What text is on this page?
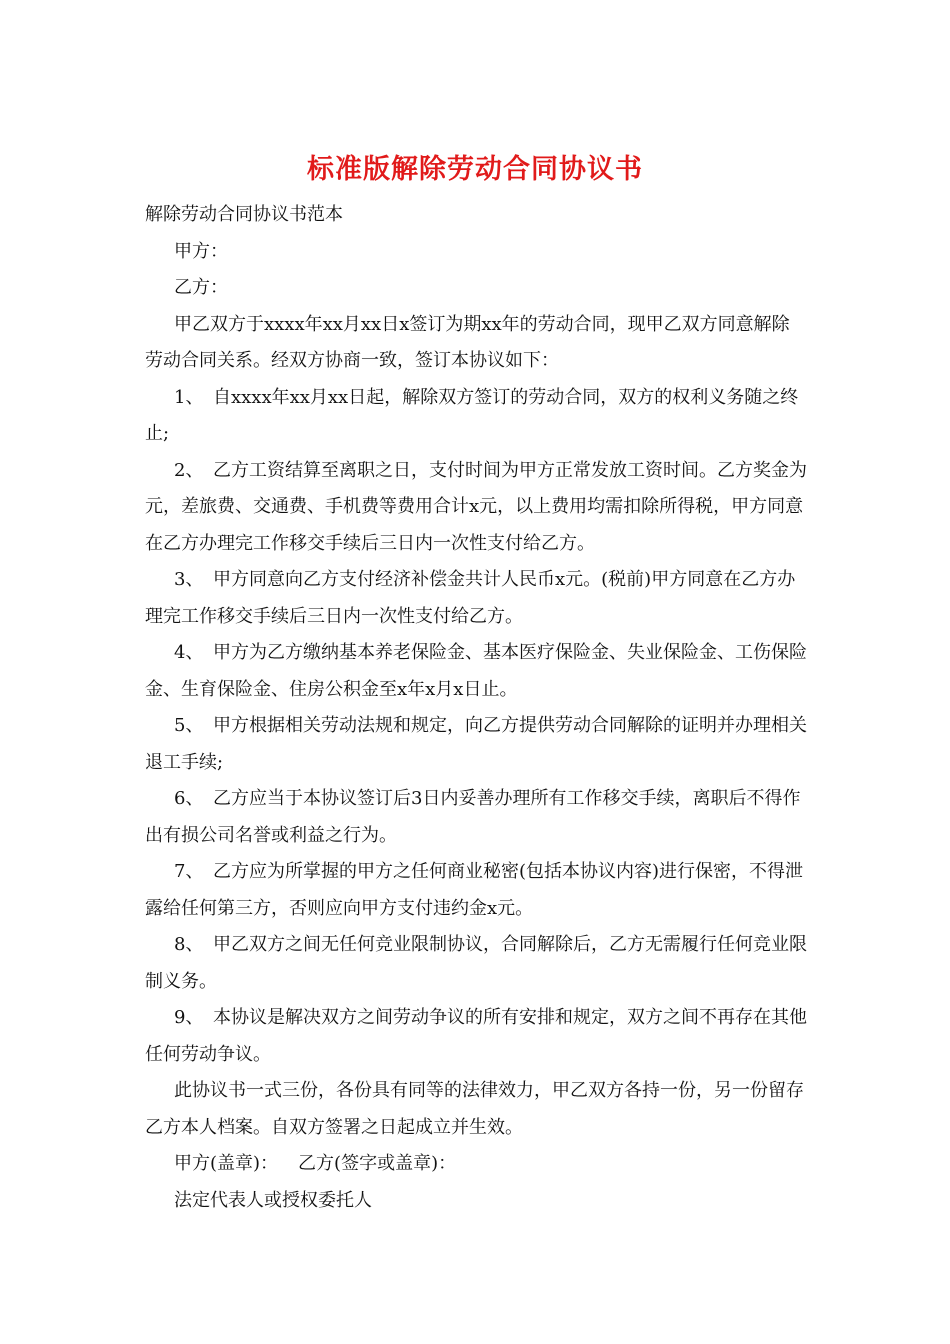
标准版解除劳动合同协议书

解除劳动合同协议书范本

甲方：

乙方：

甲乙双方于xxxx年xx月xx日x签订为期xx年的劳动合同，现甲乙双方同意解除劳动合同关系。经双方协商一致，签订本协议如下：

1、 自xxxx年xx月xx日起，解除双方签订的劳动合同，双方的权利义务随之终止;

2、 乙方工资结算至离职之日，支付时间为甲方正常发放工资时间。乙方奖金为元，差旅费、交通费、手机费等费用合计x元，以上费用均需扣除所得税，甲方同意在乙方办理完工作移交手续后三日内一次性支付给乙方。

3、 甲方同意向乙方支付经济补偿金共计人民币x元。(税前)甲方同意在乙方办理完工作移交手续后三日内一次性支付给乙方。

4、 甲方为乙方缴纳基本养老保险金、基本医疗保险金、失业保险金、工伤保险金、生育保险金、住房公积金至x年x月x日止。

5、 甲方根据相关劳动法规和规定，向乙方提供劳动合同解除的证明并办理相关退工手续;

6、 乙方应当于本协议签订后3日内妥善办理所有工作移交手续，离职后不得作出有损公司名誉或利益之行为。

7、 乙方应为所掌握的甲方之任何商业秘密(包括本协议内容)进行保密，不得泄露给任何第三方，否则应向甲方支付违约金x元。

8、 甲乙双方之间无任何竞业限制协议，合同解除后，乙方无需履行任何竞业限制义务。

9、 本协议是解决双方之间劳动争议的所有安排和规定，双方之间不再存在其他任何劳动争议。

此协议书一式三份，各份具有同等的法律效力，甲乙双方各持一份，另一份留存乙方本人档案。自双方签署之日起成立并生效。

甲方(盖章)： 乙方(签字或盖章)：

法定代表人或授权委托人
